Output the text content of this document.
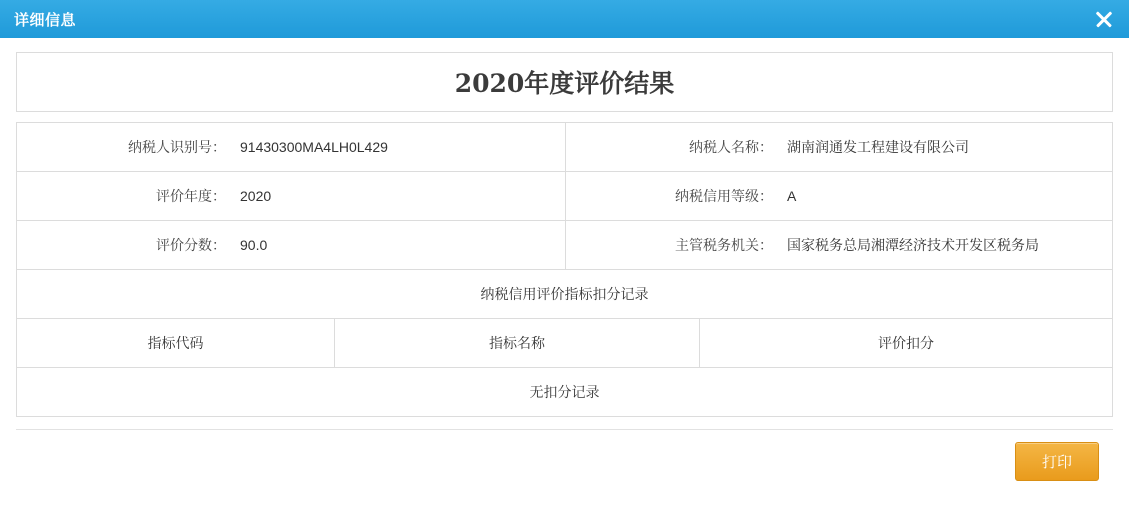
详细信息
2020年度评价结果
纳税人识别号：	91430300MA4LH0L429	纳税人名称：	湖南润通发工程建设有限公司
评价年度：	2020	纳税信用等级：	A
评价分数：	90.0	主管税务机关：	国家税务总局湘潭经济技术开发区税务局
纳税信用评价指标扣分记录
指标代码	指标名称	评价扣分
无扣分记录
打印
